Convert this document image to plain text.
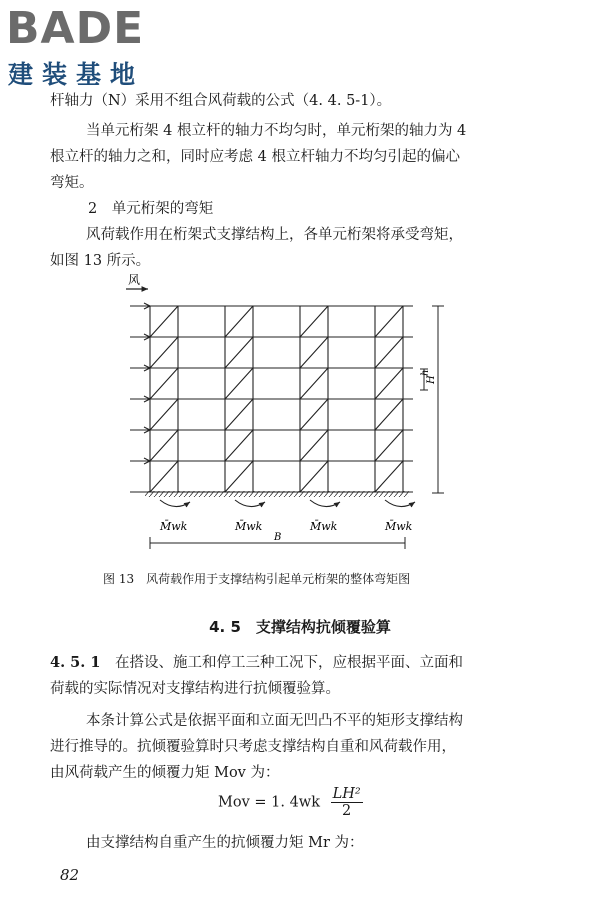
BADE
建装基地
杆轴力（N）采用不组合风荷载的公式（4. 4. 5-1）。
当单元桁架 4 根立杆的轴力不均匀时，单元桁架的轴力为 4
根立杆的轴力之和，同时应考虑 4 根立杆轴力不均匀引起的偏心
弯矩。
2　单元桁架的弯矩
风荷载作用在桁架式支撑结构上，各单元桁架将承受弯矩，
如图 13 所示。
风
h
H
M̄wk	M̄wk	M̄wk	M̄wk
B
图 13　风荷载作用于支撑结构引起单元桁架的整体弯矩图
4. 5　支撑结构抗倾覆验算
4. 5. 1　 在搭设、施工和停工三种工况下，应根据平面、立面和
荷载的实际情况对支撑结构进行抗倾覆验算。
本条计算公式是依据平面和立面无凹凸不平的矩形支撑结构
进行推导的。抗倾覆验算时只考虑支撑结构自重和风荷载作用，
由风荷载产生的倾覆力矩 Mov 为：
Mov = 1. $4wk \frac{\text{LH²}}{2}$
由支撑结构自重产生的抗倾覆力矩 Mr 为：
82
